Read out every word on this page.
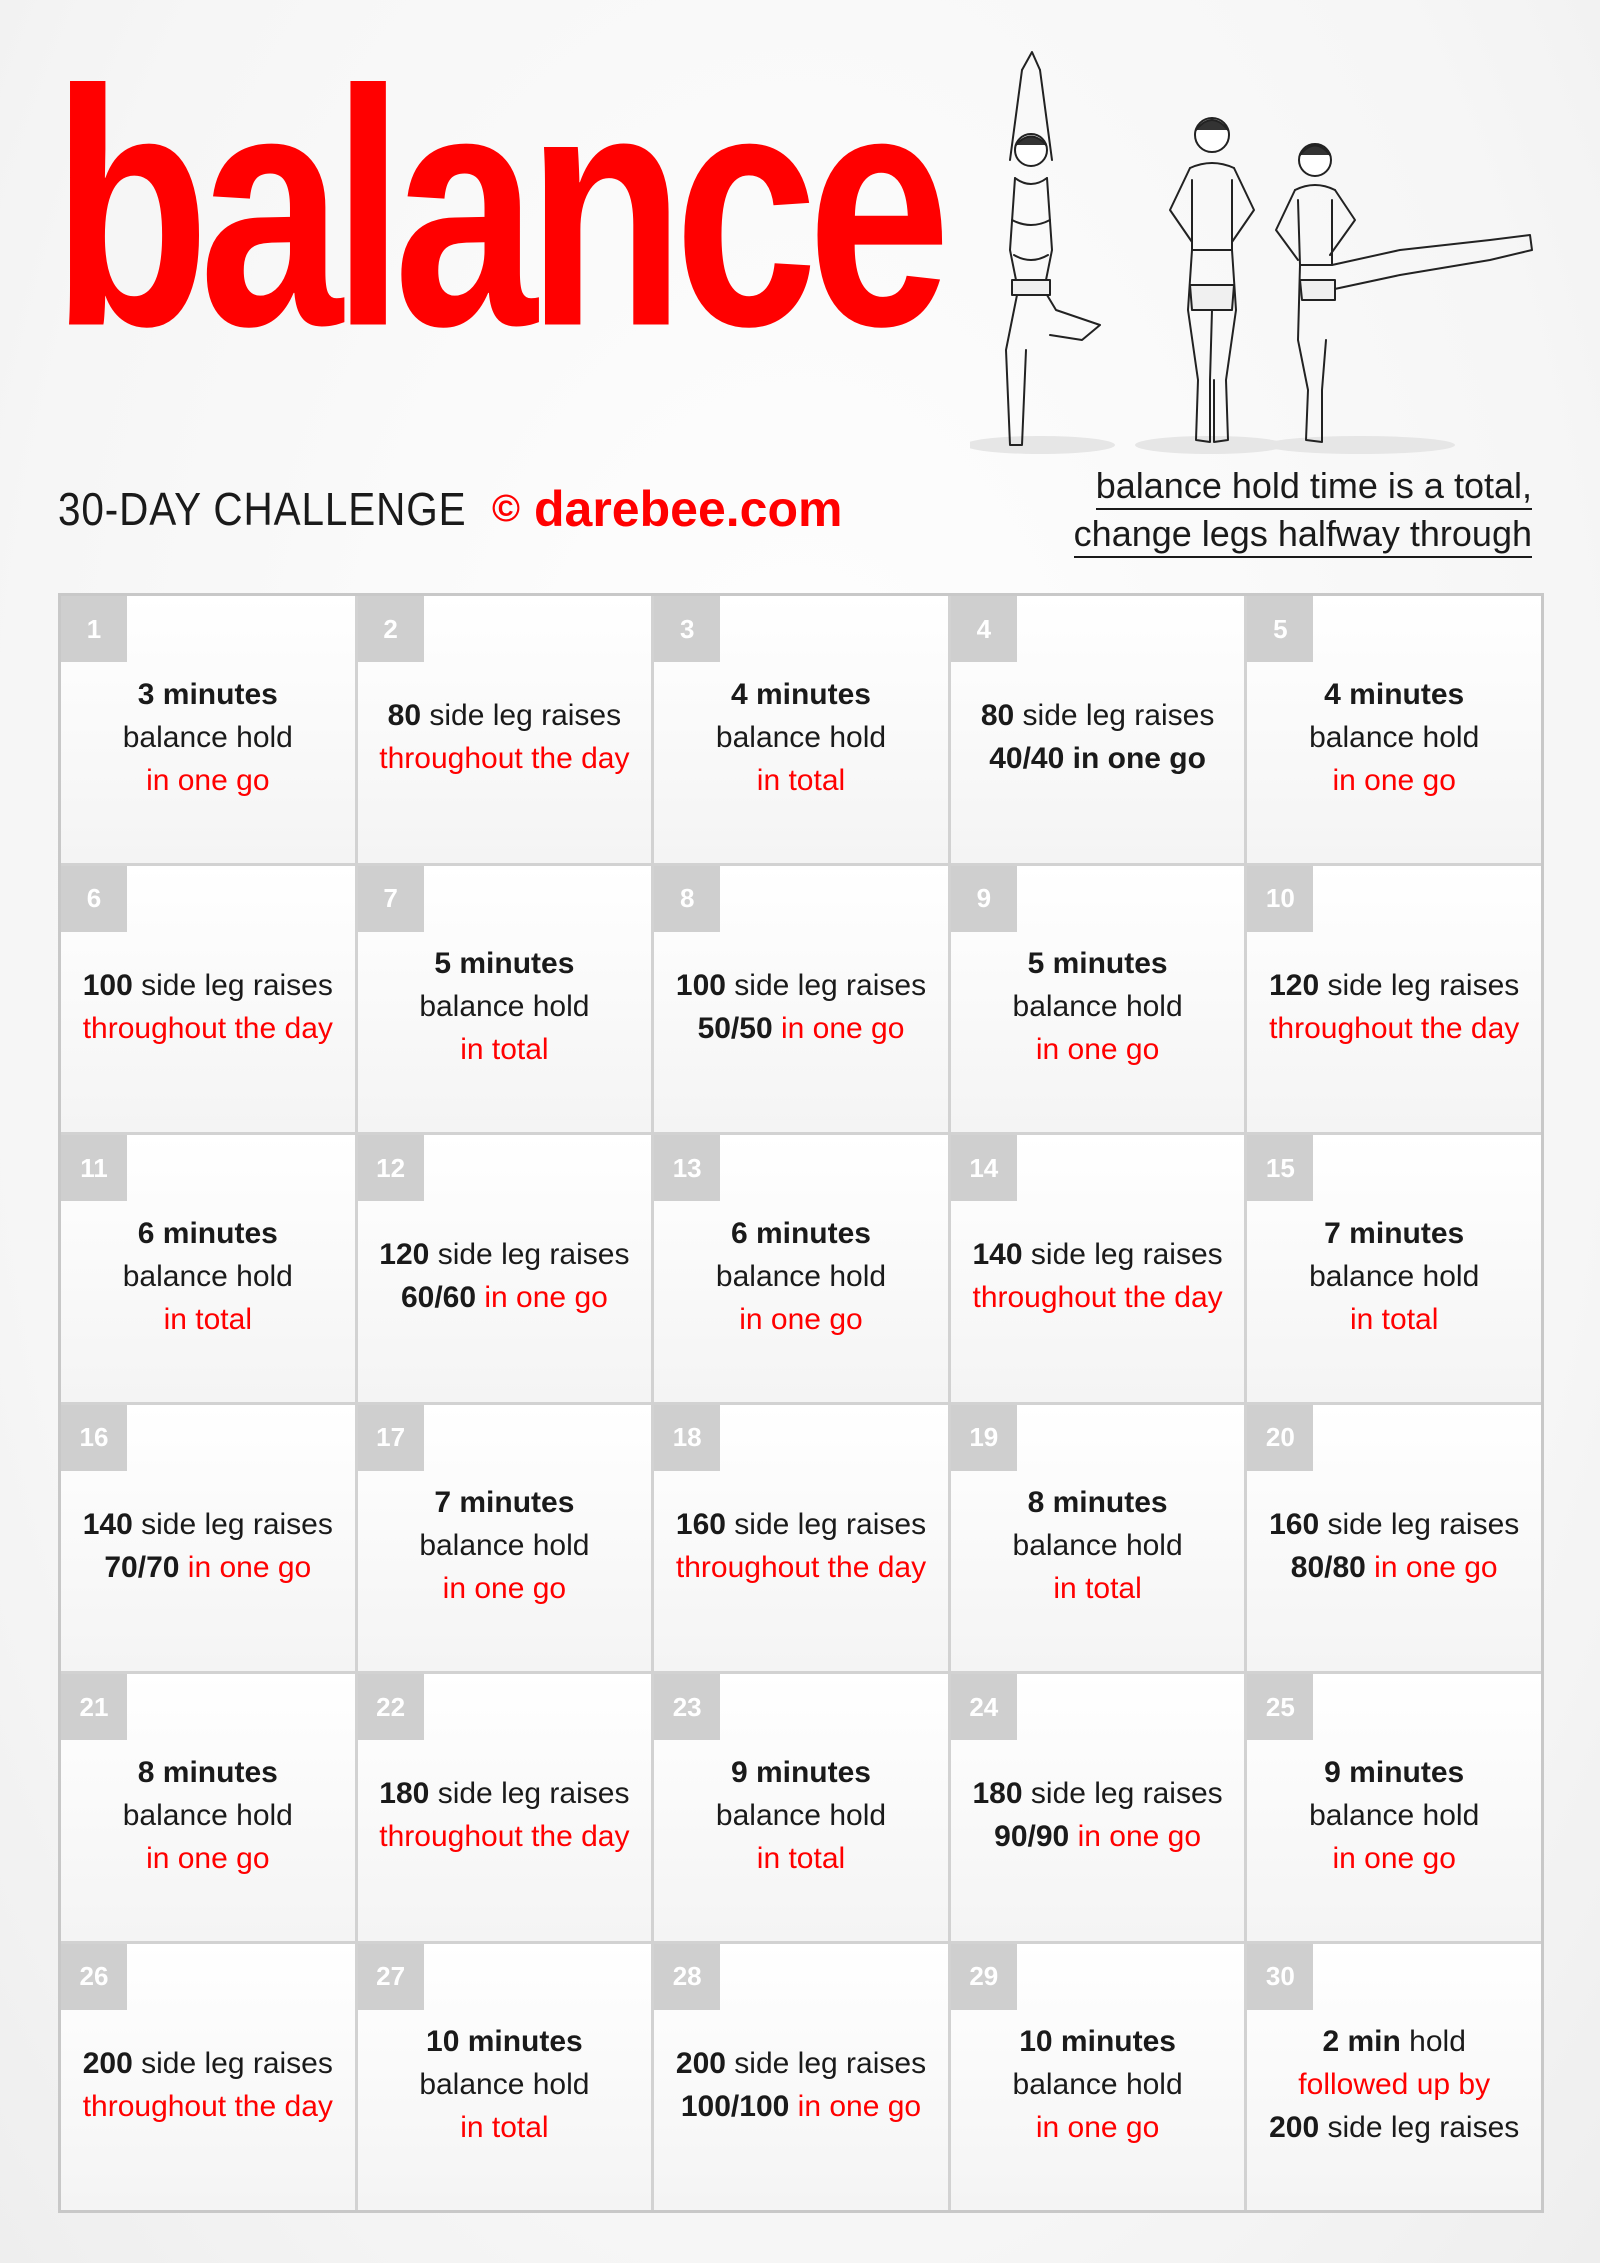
balance
30-DAY CHALLENGE © darebee.com	balance hold time is a total,
change legs halfway through
1
3 minutes
balance hold
in one go
2
80 side leg raises
throughout the day
3
4 minutes
balance hold
in total
4
80 side leg raises
40/40 in one go
5
4 minutes
balance hold
in one go
6
100 side leg raises
throughout the day
7
5 minutes
balance hold
in total
8
100 side leg raises
50/50 in one go
9
5 minutes
balance hold
in one go
10
120 side leg raises
throughout the day
11
6 minutes
balance hold
in total
12
120 side leg raises
60/60 in one go
13
6 minutes
balance hold
in one go
14
140 side leg raises
throughout the day
15
7 minutes
balance hold
in total
16
140 side leg raises
70/70 in one go
17
7 minutes
balance hold
in one go
18
160 side leg raises
throughout the day
19
8 minutes
balance hold
in total
20
160 side leg raises
80/80 in one go
21
8 minutes
balance hold
in one go
22
180 side leg raises
throughout the day
23
9 minutes
balance hold
in total
24
180 side leg raises
90/90 in one go
25
9 minutes
balance hold
in one go
26
200 side leg raises
throughout the day
27
10 minutes
balance hold
in total
28
200 side leg raises
100/100 in one go
29
10 minutes
balance hold
in one go
30
2 min hold
followed up by
200 side leg raises
